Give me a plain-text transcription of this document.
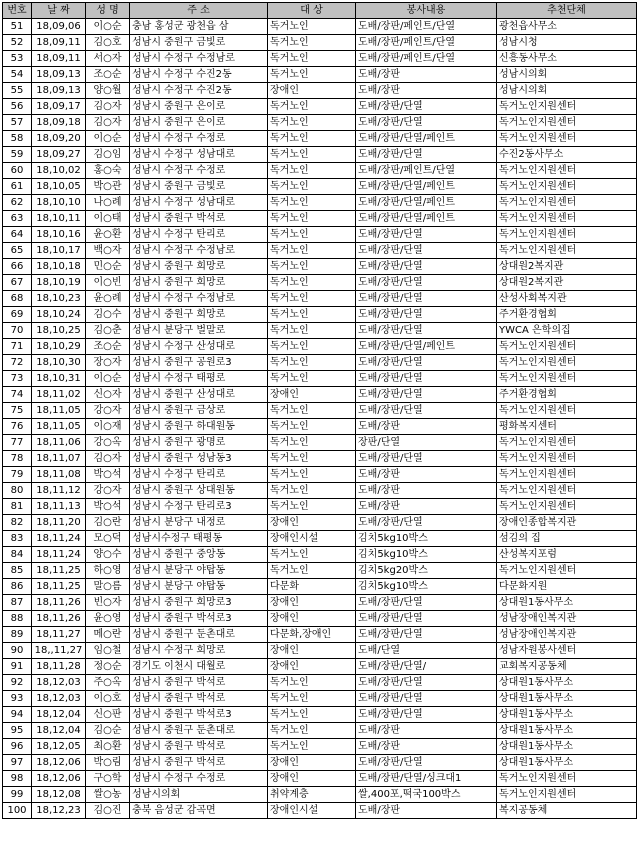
번호	날 짜	성 명	주 소	대 상	봉사내용	추천단체
51	18,09,06	이○순	충남 홍성군 광천읍 삼	독거노인	도배/장판/페인트/단열	광천읍사무소
52	18,09,11	김○호	성남시 중원구 금빛로	독거노인	도배/장판/페인트/단열	성남시청
53	18,09,11	서○자	성남시 수정구 수정남로	독거노인	도배/장판/페인트/단열	신흥동사무소
54	18,09,13	조○순	성남시 수정구 수진2동	독거노인	도배/장판	성남시의회
55	18,09,13	양○월	성남시 수정구 수진2동	장애인	도배/장판	성남시의회
56	18,09,17	김○자	성남시 중원구 은이로	독거노인	도배/장판/단열	독거노인지원센터
57	18,09,18	김○자	성남시 중원구 은이로	독거노인	도배/장판/단열	독거노인지원센터
58	18,09,20	이○순	성남시 수정구 수정로	독거노인	도배/장판/단열/페인트	독거노인지원센터
59	18,09,27	김○임	성남시 수정구 성남대로	독거노인	도배/장판/단열	수진2동사무소
60	18,10,02	홍○숙	성남시 수정구 수정로	독거노인	도배/장판/페인트/단열	독거노인지원센터
61	18,10,05	박○관	성남시 중원구 금빛로	독거노인	도배/장판/단열/페인트	독거노인지원센터
62	18,10,10	나○례	성남시 수정구 성남대로	독거노인	도배/장판/단열/페인트	독거노인지원센터
63	18,10,11	이○태	성남시 중원구 박석로	독거노인	도배/장판/단열/페인트	독거노인지원센터
64	18,10,16	윤○환	성남시 수정구 탄리로	독거노인	도배/장판/단열	독거노인지원센터
65	18,10,17	백○자	성남시 수정구 수정남로	독거노인	도배/장판/단열	독거노인지원센터
66	18,10,18	민○순	성남시 중원구 희망로	독거노인	도배/장판/단열	상대원2복지관
67	18,10,19	이○빈	성남시 중원구 희망로	독거노인	도배/장판/단열	상대원2복지관
68	18,10,23	윤○례	성남시 수정구 수정남로	독거노인	도배/장판/단열	산성사회복지관
69	18,10,24	김○수	성남시 중원구 희망로	독거노인	도배/장판/단열	주거환경협회
70	18,10,25	김○춘	성남시 분당구 벌말로	독거노인	도배/장판/단열	YWCA 은학의집
71	18,10,29	조○순	성남시 수정구 산성대로	독거노인	도배/장판/단열/페인트	독거노인지원센터
72	18,10,30	장○자	성남시 중원구 공원로3	독거노인	도배/장판/단열	독거노인지원센터
73	18,10,31	이○순	성남시 수정구 태평로	독거노인	도배/장판/단열	독거노인지원센터
74	18,11,02	신○자	성남시 중원구 산성대로	장애인	도배/장판/단열	주거환경협회
75	18,11,05	강○자	성남시 중원구 금상로	독거노인	도배/장판/단열	독거노인지원센터
76	18,11,05	이○재	성남시 중원구 하대원동	독거노인	도배/장판	평화복지센터
77	18,11,06	강○옥	성남시 중원구 광명로	독거노인	장판/단열	독거노인지원센터
78	18,11,07	김○자	성남시 중원구 성남동3	독거노인	도배/장판/단열	독거노인지원센터
79	18,11,08	박○석	성남시 수정구 탄리로	독거노인	도배/장판	독거노인지원센터
80	18,11,12	강○자	성남시 중원구 상대원동	독거노인	도배/장판	독거노인지원센터
81	18,11,13	박○석	성남시 수정구 탄리로3	독거노인	도배/장판	독거노인지원센터
82	18,11,20	김○란	성남시 분당구 내정로	장애인	도배/장판/단열	장애인종합복지관
83	18,11,24	모○덕	성남시수정구 태평동	장애인시설	김치5kg10박스	섬김의 집
84	18,11,24	양○수	성남시 중원구 중앙동	독거노인	김치5kg10박스	산성복지포럼
85	18,11,25	하○영	성남시 분당구 야탑동	독거노인	김치5kg20박스	독거노인지원센터
86	18,11,25	말○름	성남시 분당구 야탑동	다문화	김치5kg10박스	다문화지원
87	18,11,26	빈○자	성남시 중원구 희망로3	장애인	도배/장판/단열	상대원1동사무소
88	18,11,26	윤○영	성남시 중원구 박석로3	장애인	도배/장판/단열	성남장애인복지관
89	18,11,27	메○란	성남시 중원구 둔촌대로	다문화,장애인	도배/장판/단열	성남장애인복지관
90	18,,11,27	임○철	성남시 수정구 희망로	장애인	도배/단열	성남자원봉사센터
91	18,11,28	정○순	경기도 이천시 대월로	장애인	도배/장판/단열/	교회복지공동체
92	18,12,03	주○옥	성남시 중원구 박석로	독거노인	도배/장판/단열	상대원1동사무소
93	18,12,03	이○호	성남시 중원구 박석로	독거노인	도배/장판/단열	상대원1동사무소
94	18,12,04	신○판	성남시 중원구 박석로3	독거노인	도배/장판/단열	상대원1동사무소
95	18,12,04	김○순	성남시 중원구 둔촌대로	독거노인	도배/장판	상대원1동사무소
96	18,12,05	최○환	성남시 중원구 박석로	독거노인	도배/장판	상대원1동사무소
97	18,12,06	박○림	성남시 중원구 박석로	장애인	도배/장판/단열	상대원1동사무소
98	18,12,06	구○학	성남시 수정구 수정로	장애인	도배/장판/단열/싱크대1	독거노인지원센터
99	18,12,08	쌀○농	성남시의회	취약계층	쌀,400포,떡국100박스	독거노인지원센터
100	18,12,23	김○진	충북 음성군 감곡면	장애인시설	도배/장판	복지공동체
